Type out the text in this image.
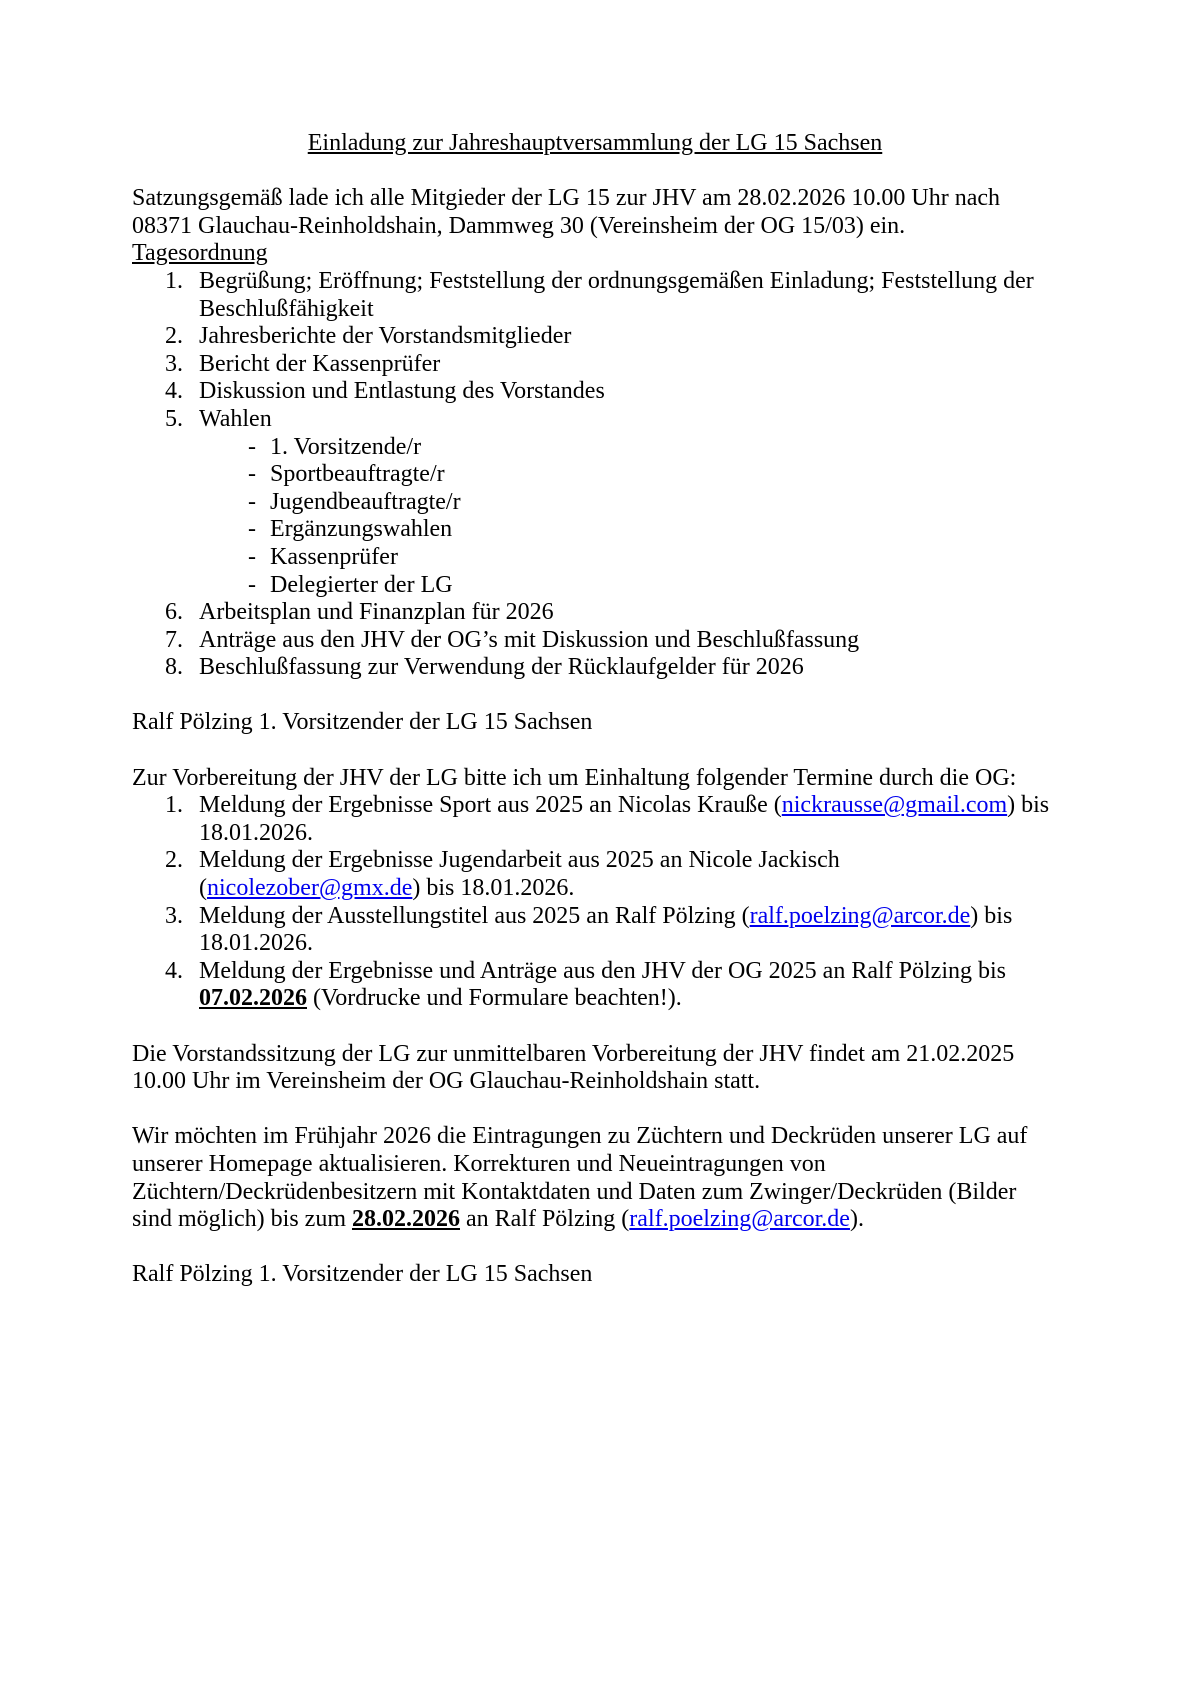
Einladung zur Jahreshauptversammlung der LG 15 Sachsen

Satzungsgemäß lade ich alle Mitgieder der LG 15 zur JHV am 28.02.2026 10.00 Uhr nach 08371 Glauchau-Reinholdshain, Dammweg 30 (Vereinsheim der OG 15/03) ein.

Tagesordnung
Begrüßung; Eröffnung; Feststellung der ordnungsgemäßen Einladung; Feststellung der Beschlußfähigkeit
Jahresberichte der Vorstandsmitglieder
Bericht der Kassenprüfer
Diskussion und Entlastung des Vorstandes
Wahlen
- 1. Vorsitzende/r
- Sportbeauftragte/r
- Jugendbeauftragte/r
- Ergänzungswahlen
- Kassenprüfer
- Delegierter der LG
Arbeitsplan und Finanzplan für 2026
Anträge aus den JHV der OG’s mit Diskussion und Beschlußfassung
Beschlußfassung zur Verwendung der Rücklaufgelder für 2026
Ralf Pölzing 1. Vorsitzender der LG 15 Sachsen
Zur Vorbereitung der JHV der LG bitte ich um Einhaltung folgender Termine durch die OG:
Meldung der Ergebnisse Sport aus 2025 an Nicolas Krauße (nickrausse@gmail.com) bis 18.01.2026.
Meldung der Ergebnisse Jugendarbeit aus 2025 an Nicole Jackisch (nicolezober@gmx.de) bis 18.01.2026.
Meldung der Ausstellungstitel aus 2025 an Ralf Pölzing (ralf.poelzing@arcor.de) bis 18.01.2026.
Meldung der Ergebnisse und Anträge aus den JHV der OG 2025 an Ralf Pölzing bis 07.02.2026 (Vordrucke und Formulare beachten!).

Die Vorstandssitzung der LG zur unmittelbaren Vorbereitung der JHV findet am 21.02.2025 10.00 Uhr im Vereinsheim der OG Glauchau-Reinholdshain statt.

Wir möchten im Frühjahr 2026 die Eintragungen zu Züchtern und Deckrüden unserer LG auf unserer Homepage aktualisieren. Korrekturen und Neueintragungen von Züchtern/Deckrüdenbesitzern mit Kontaktdaten und Daten zum Zwinger/Deckrüden (Bilder sind möglich) bis zum 28.02.2026 an Ralf Pölzing (ralf.poelzing@arcor.de).

Ralf Pölzing 1. Vorsitzender der LG 15 Sachsen
